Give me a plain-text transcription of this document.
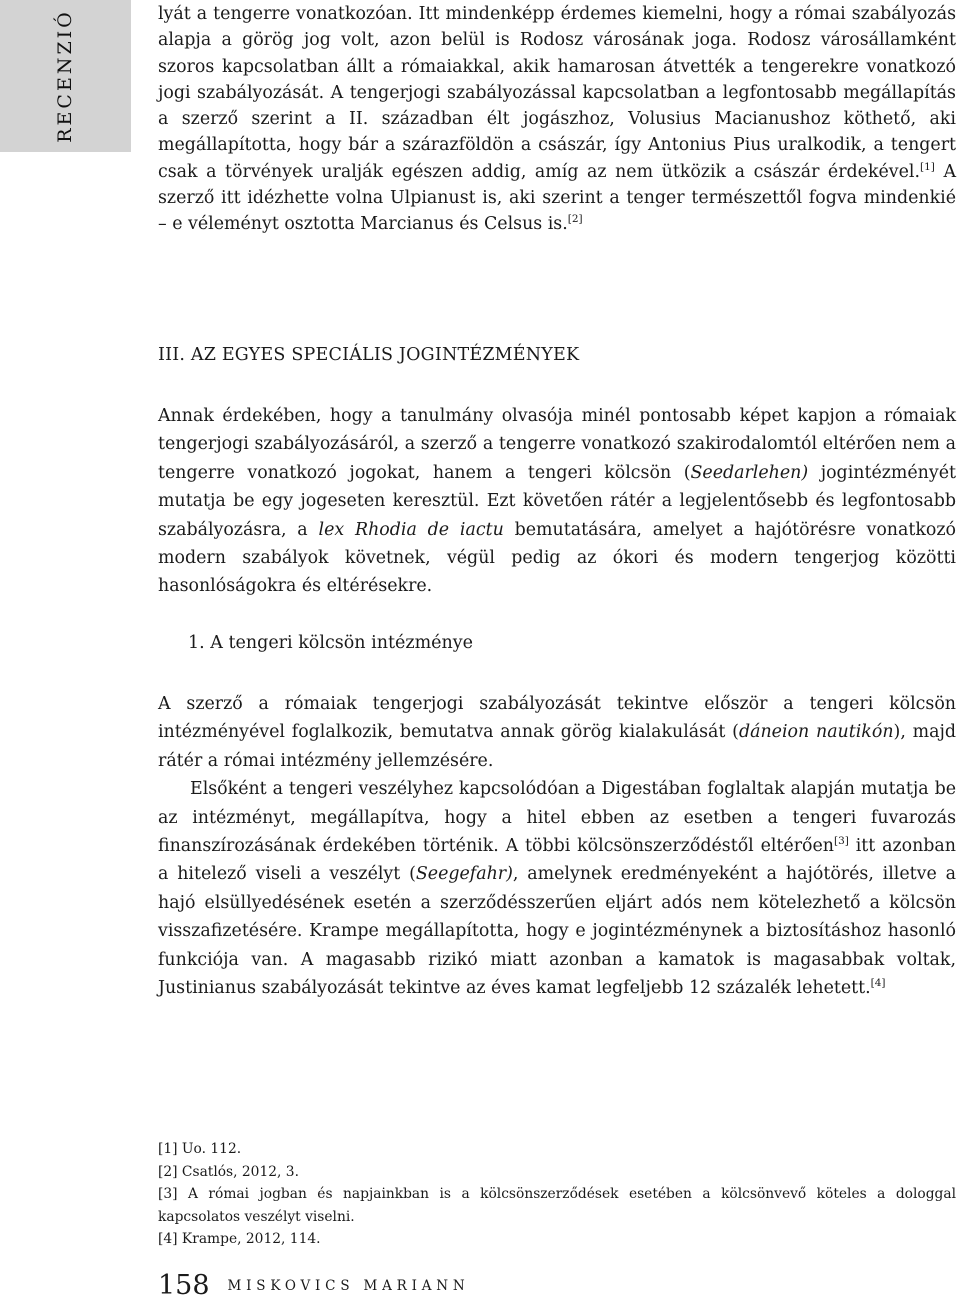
RECENZIÓ	lyát a tengerre vonatkozóan. Itt mindenképp érdemes kiemelni, hogy a római szabályozás alapja a görög jog volt, azon belül is Rodosz városának joga. Rodosz városállamként szoros kapcsolatban állt a rómaiakkal, akik hamarosan átvették a tengerekre vonatkozó jogi szabályozását. A tengerjogi szabályozással kapcsolatban a legfontosabb megállapítás a szerző szerint a II. században élt jogászhoz, Volusius Macianushoz köthető, aki megállapította, hogy bár a szárazföldön a császár, így Antonius Pius uralkodik, a tengert csak a törvények uralják egészen addig, amíg az nem ütközik a császár érdekével.[1] A szerző itt idézhette volna Ulpianust is, aki szerint a tenger természettől fogva mindenkié – e véleményt osztotta Marcianus és Celsus is.[2]

III. AZ EGYES SPECIÁLIS JOGINTÉZMÉNYEK

Annak érdekében, hogy a tanulmány olvasója minél pontosabb képet kapjon a rómaiak tengerjogi szabályozásáról, a szerző a tengerre vonatkozó szakirodalomtól eltérően nem a tengerre vonatkozó jogokat, hanem a tengeri kölcsön (Seedarlehen) jogintézményét mutatja be egy jogeseten keresztül. Ezt követően rátér a legjelentősebb és legfontosabb szabályozásra, a lex Rhodia de iactu bemutatására, amelyet a hajótörésre vonatkozó modern szabályok követnek, végül pedig az ókori és modern tengerjog közötti hasonlóságokra és eltérésekre.

1. A tengeri kölcsön intézménye

A szerző a rómaiak tengerjogi szabályozását tekintve először a tengeri kölcsön intézményével foglalkozik, bemutatva annak görög kialakulását (dáneion nautikón), majd rátér a római intézmény jellemzésére.

Elsőként a tengeri veszélyhez kapcsolódóan a Digestában foglaltak alapján mutatja be az intézményt, megállapítva, hogy a hitel ebben az esetben a tengeri fuvarozás finanszírozásának érdekében történik. A többi kölcsönszerződéstől eltérően[3] itt azonban a hitelező viseli a veszélyt (Seegefahr), amelynek eredményeként a hajótörés, illetve a hajó elsüllyedésének esetén a szerződésszerűen eljárt adós nem kötelezhető a kölcsön visszafizetésére. Krampe megállapította, hogy e jogintézménynek a biztosításhoz hasonló funkciója van. A magasabb rizikó miatt azonban a kamatok is magasabbak voltak, Justinianus szabályozását tekintve az éves kamat legfeljebb 12 százalék lehetett.[4]

[1] Uo. 112.

[2] Csatlós, 2012, 3.

[3] A római jogban és napjainkban is a kölcsönszerződések esetében a kölcsönvevő köteles a dologgal kapcsolatos veszélyt viselni.

[4] Krampe, 2012, 114.

158 MISKOVICS MARIANN
